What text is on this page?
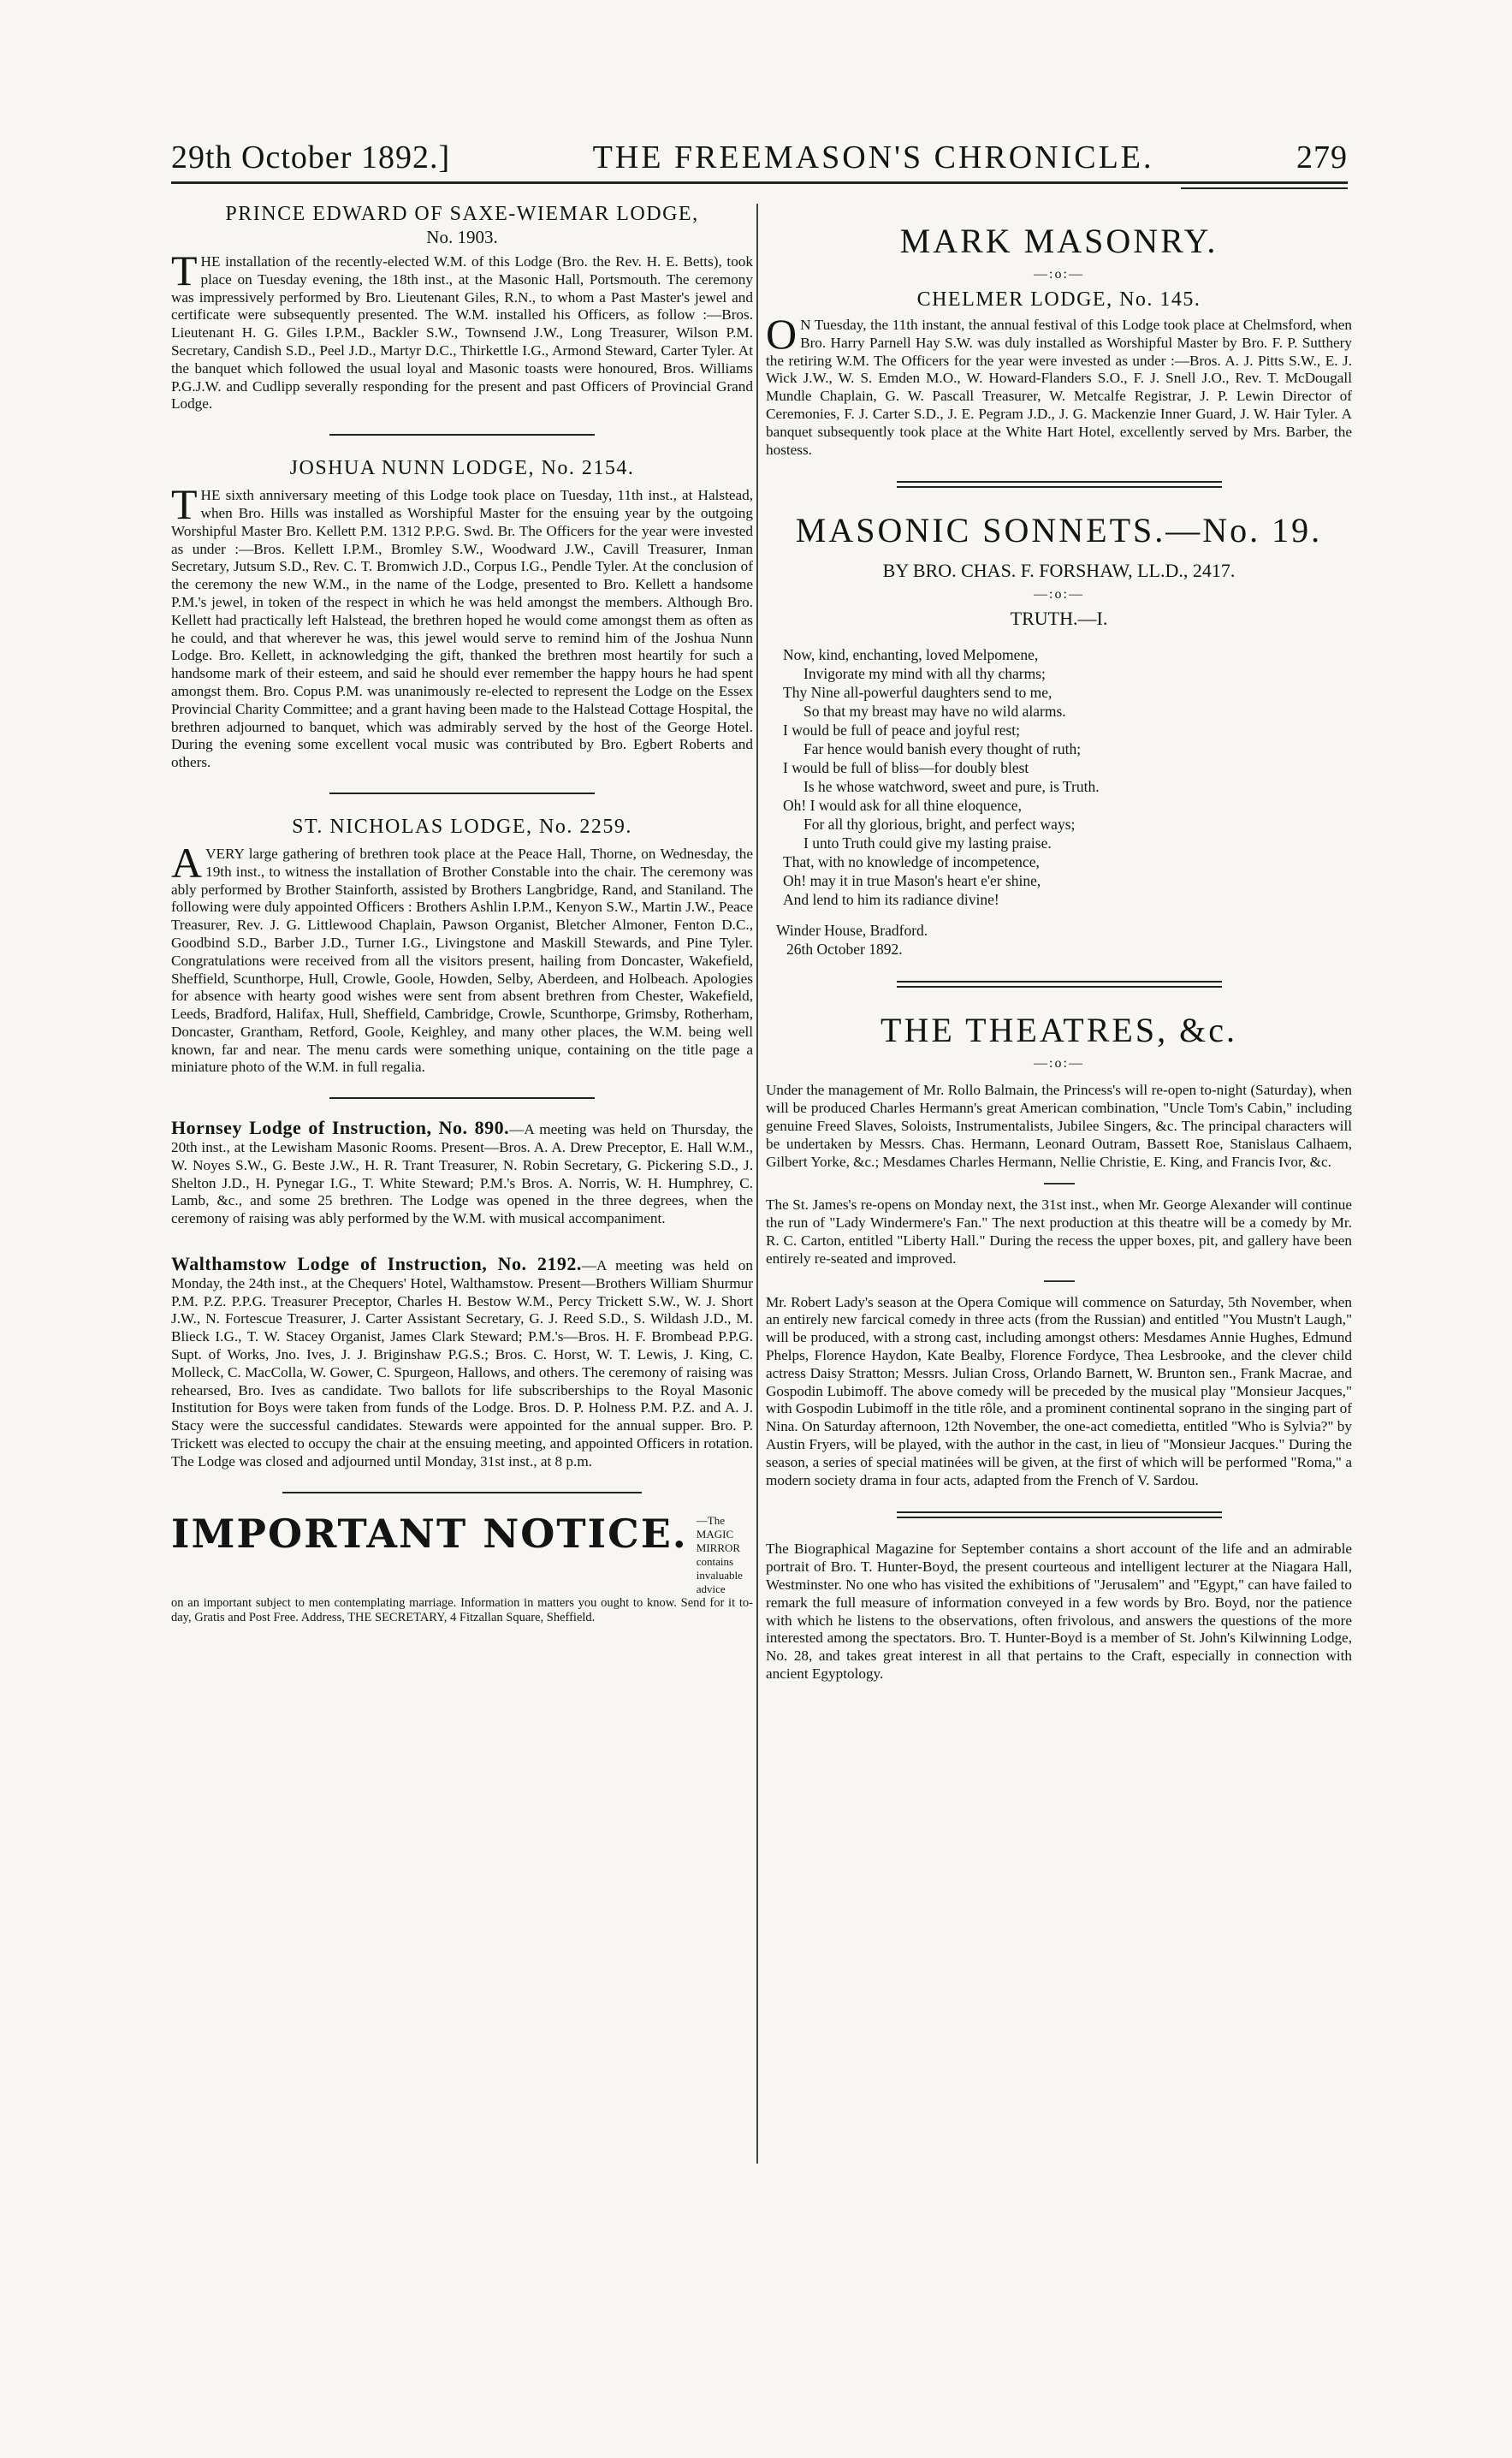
29th October 1892.]	THE FREEMASON'S CHRONICLE.	279
PRINCE EDWARD OF SAXE-WIEMAR LODGE,
No. 1903.

THE installation of the recently-elected W.M. of this Lodge (Bro. the Rev. H. E. Betts), took place on Tuesday evening, the 18th inst., at the Masonic Hall, Portsmouth. The ceremony was impressively performed by Bro. Lieutenant Giles, R.N., to whom a Past Master's jewel and certificate were subsequently presented. The W.M. installed his Officers, as follow :—Bros. Lieutenant H. G. Giles I.P.M., Backler S.W., Townsend J.W., Long Treasurer, Wilson P.M. Secretary, Candish S.D., Peel J.D., Martyr D.C., Thirkettle I.G., Armond Steward, Carter Tyler. At the banquet which followed the usual loyal and Masonic toasts were honoured, Bros. Williams P.G.J.W. and Cudlipp severally responding for the present and past Officers of Provincial Grand Lodge.

JOSHUA NUNN LODGE, No. 2154.

THE sixth anniversary meeting of this Lodge took place on Tuesday, 11th inst., at Halstead, when Bro. Hills was installed as Worshipful Master for the ensuing year by the outgoing Worshipful Master Bro. Kellett P.M. 1312 P.P.G. Swd. Br. The Officers for the year were invested as under :—Bros. Kellett I.P.M., Bromley S.W., Woodward J.W., Cavill Treasurer, Inman Secretary, Jutsum S.D., Rev. C. T. Bromwich J.D., Corpus I.G., Pendle Tyler. At the conclusion of the ceremony the new W.M., in the name of the Lodge, presented to Bro. Kellett a handsome P.M.'s jewel, in token of the respect in which he was held amongst the members. Although Bro. Kellett had practically left Halstead, the brethren hoped he would come amongst them as often as he could, and that wherever he was, this jewel would serve to remind him of the Joshua Nunn Lodge. Bro. Kellett, in acknowledging the gift, thanked the brethren most heartily for such a handsome mark of their esteem, and said he should ever remember the happy hours he had spent amongst them. Bro. Copus P.M. was unanimously re-elected to represent the Lodge on the Essex Provincial Charity Committee; and a grant having been made to the Halstead Cottage Hospital, the brethren adjourned to banquet, which was admirably served by the host of the George Hotel. During the evening some excellent vocal music was contributed by Bro. Egbert Roberts and others.

ST. NICHOLAS LODGE, No. 2259.

AVERY large gathering of brethren took place at the Peace Hall, Thorne, on Wednesday, the 19th inst., to witness the installation of Brother Constable into the chair. The ceremony was ably performed by Brother Stainforth, assisted by Brothers Langbridge, Rand, and Staniland. The following were duly appointed Officers : Brothers Ashlin I.P.M., Kenyon S.W., Martin J.W., Peace Treasurer, Rev. J. G. Littlewood Chaplain, Pawson Organist, Bletcher Almoner, Fenton D.C., Goodbind S.D., Barber J.D., Turner I.G., Livingstone and Maskill Stewards, and Pine Tyler. Congratulations were received from all the visitors present, hailing from Doncaster, Wakefield, Sheffield, Scunthorpe, Hull, Crowle, Goole, Howden, Selby, Aberdeen, and Holbeach. Apologies for absence with hearty good wishes were sent from absent brethren from Chester, Wakefield, Leeds, Bradford, Halifax, Hull, Sheffield, Cambridge, Crowle, Scunthorpe, Grimsby, Rotherham, Doncaster, Grantham, Retford, Goole, Keighley, and many other places, the W.M. being well known, far and near. The menu cards were something unique, containing on the title page a miniature photo of the W.M. in full regalia.

Hornsey Lodge of Instruction, No. 890.—A meeting was held on Thursday, the 20th inst., at the Lewisham Masonic Rooms. Present—Bros. A. A. Drew Preceptor, E. Hall W.M., W. Noyes S.W., G. Beste J.W., H. R. Trant Treasurer, N. Robin Secretary, G. Pickering S.D., J. Shelton J.D., H. Pynegar I.G., T. White Steward; P.M.'s Bros. A. Norris, W. H. Humphrey, C. Lamb, &c., and some 25 brethren. The Lodge was opened in the three degrees, when the ceremony of raising was ably performed by the W.M. with musical accompaniment.

Walthamstow Lodge of Instruction, No. 2192.—A meeting was held on Monday, the 24th inst., at the Chequers' Hotel, Walthamstow. Present—Brothers William Shurmur P.M. P.Z. P.P.G. Treasurer Preceptor, Charles H. Bestow W.M., Percy Trickett S.W., W. J. Short J.W., N. Fortescue Treasurer, J. Carter Assistant Secretary, G. J. Reed S.D., S. Wildash J.D., M. Blieck I.G., T. W. Stacey Organist, James Clark Steward; P.M.'s—Bros. H. F. Brombead P.P.G. Supt. of Works, Jno. Ives, J. J. Briginshaw P.G.S.; Bros. C. Horst, W. T. Lewis, J. King, C. Molleck, C. MacColla, W. Gower, C. Spurgeon, Hallows, and others. The ceremony of raising was rehearsed, Bro. Ives as candidate. Two ballots for life subscriberships to the Royal Masonic Institution for Boys were taken from funds of the Lodge. Bros. D. P. Holness P.M. P.Z. and A. J. Stacy were the successful candidates. Stewards were appointed for the annual supper. Bro. P. Trickett was elected to occupy the chair at the ensuing meeting, and appointed Officers in rotation. The Lodge was closed and adjourned until Monday, 31st inst., at 8 p.m.

IMPORTANT NOTICE. —The MAGIC MIRROR contains invaluable advice
on an important subject to men contemplating marriage. Information in matters you ought to know. Send for it to-day, Gratis and Post Free. Address, THE SECRETARY, 4 Fitzallan Square, Sheffield.
MARK MASONRY.
—:o:—
CHELMER LODGE, No. 145.

ON Tuesday, the 11th instant, the annual festival of this Lodge took place at Chelmsford, when Bro. Harry Parnell Hay S.W. was duly installed as Worshipful Master by Bro. F. P. Sutthery the retiring W.M. The Officers for the year were invested as under :—Bros. A. J. Pitts S.W., E. J. Wick J.W., W. S. Emden M.O., W. Howard-Flanders S.O., F. J. Snell J.O., Rev. T. McDougall Mundle Chaplain, G. W. Pascall Treasurer, W. Metcalfe Registrar, J. P. Lewin Director of Ceremonies, F. J. Carter S.D., J. E. Pegram J.D., J. G. Mackenzie Inner Guard, J. W. Hair Tyler. A banquet subsequently took place at the White Hart Hotel, excellently served by Mrs. Barber, the hostess.

MASONIC SONNETS.—No. 19.
BY BRO. CHAS. F. FORSHAW, LL.D., 2417.
—:o:—
TRUTH.—I.
Now, kind, enchanting, loved Melpomene,
Invigorate my mind with all thy charms;
Thy Nine all-powerful daughters send to me,
So that my breast may have no wild alarms.
I would be full of peace and joyful rest;
Far hence would banish every thought of ruth;
I would be full of bliss—for doubly blest
Is he whose watchword, sweet and pure, is Truth.
Oh! I would ask for all thine eloquence,
For all thy glorious, bright, and perfect ways;
I unto Truth could give my lasting praise.
That, with no knowledge of incompetence,
Oh! may it in true Mason's heart e'er shine,
And lend to him its radiance divine!
Winder House, Bradford.
26th October 1892.
THE THEATRES, &c.
—:o:—

Under the management of Mr. Rollo Balmain, the Princess's will re-open to-night (Saturday), when will be produced Charles Hermann's great American combination, "Uncle Tom's Cabin," including genuine Freed Slaves, Soloists, Instrumentalists, Jubilee Singers, &c. The principal characters will be undertaken by Messrs. Chas. Hermann, Leonard Outram, Bassett Roe, Stanislaus Calhaem, Gilbert Yorke, &c.; Mesdames Charles Hermann, Nellie Christie, E. King, and Francis Ivor, &c.

The St. James's re-opens on Monday next, the 31st inst., when Mr. George Alexander will continue the run of "Lady Windermere's Fan." The next production at this theatre will be a comedy by Mr. R. C. Carton, entitled "Liberty Hall." During the recess the upper boxes, pit, and gallery have been entirely re-seated and improved.

Mr. Robert Lady's season at the Opera Comique will commence on Saturday, 5th November, when an entirely new farcical comedy in three acts (from the Russian) and entitled "You Mustn't Laugh," will be produced, with a strong cast, including amongst others: Mesdames Annie Hughes, Edmund Phelps, Florence Haydon, Kate Bealby, Florence Fordyce, Thea Lesbrooke, and the clever child actress Daisy Stratton; Messrs. Julian Cross, Orlando Barnett, W. Brunton sen., Frank Macrae, and Gospodin Lubimoff. The above comedy will be preceded by the musical play "Monsieur Jacques," with Gospodin Lubimoff in the title rôle, and a prominent continental soprano in the singing part of Nina. On Saturday afternoon, 12th November, the one-act comedietta, entitled "Who is Sylvia?" by Austin Fryers, will be played, with the author in the cast, in lieu of "Monsieur Jacques." During the season, a series of special matinées will be given, at the first of which will be performed "Roma," a modern society drama in four acts, adapted from the French of V. Sardou.

The Biographical Magazine for September contains a short account of the life and an admirable portrait of Bro. T. Hunter-Boyd, the present courteous and intelligent lecturer at the Niagara Hall, Westminster. No one who has visited the exhibitions of "Jerusalem" and "Egypt," can have failed to remark the full measure of information conveyed in a few words by Bro. Boyd, nor the patience with which he listens to the observations, often frivolous, and answers the questions of the more interested among the spectators. Bro. T. Hunter-Boyd is a member of St. John's Kilwinning Lodge, No. 28, and takes great interest in all that pertains to the Craft, especially in connection with ancient Egyptology.
